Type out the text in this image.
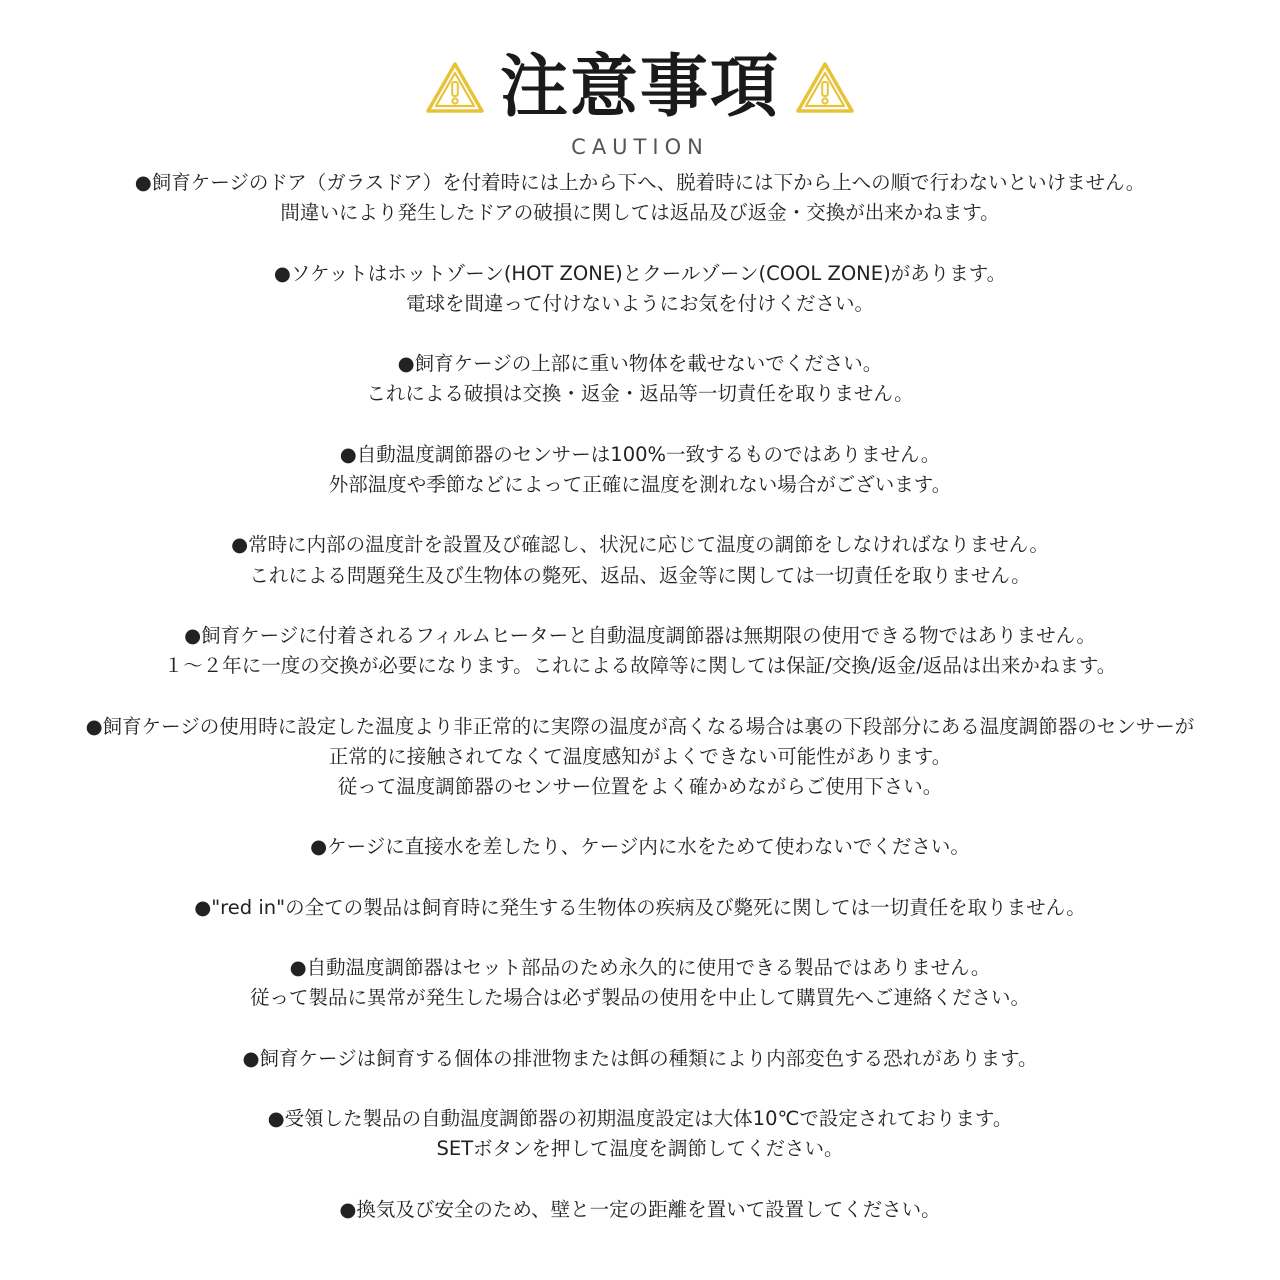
注意事項
CAUTION
●飼育ケージのドア（ガラスドア）を付着時には上から下へ、脱着時には下から上への順で行わないといけません。
間違いにより発生したドアの破損に関しては返品及び返金・交換が出来かねます。
●ソケットはホットゾーン(HOT ZONE)とクールゾーン(COOL ZONE)があります。
電球を間違って付けないようにお気を付けください。
●飼育ケージの上部に重い物体を載せないでください。
これによる破損は交換・返金・返品等一切責任を取りません。
●自動温度調節器のセンサーは100%一致するものではありません。
外部温度や季節などによって正確に温度を測れない場合がございます。
●常時に内部の温度計を設置及び確認し、状況に応じて温度の調節をしなければなりません。
これによる問題発生及び生物体の斃死、返品、返金等に関しては一切責任を取りません。
●飼育ケージに付着されるフィルムヒーターと自動温度調節器は無期限の使用できる物ではありません。
１～２年に一度の交換が必要になります。これによる故障等に関しては保証/交換/返金/返品は出来かねます。
●飼育ケージの使用時に設定した温度より非正常的に実際の温度が高くなる場合は裏の下段部分にある温度調節器のセンサーが
正常的に接触されてなくて温度感知がよくできない可能性があります。
従って温度調節器のセンサー位置をよく確かめながらご使用下さい。
●ケージに直接水を差したり、ケージ内に水をためて使わないでください。
●"red in"の全ての製品は飼育時に発生する生物体の疾病及び斃死に関しては一切責任を取りません。
●自動温度調節器はセット部品のため永久的に使用できる製品ではありません。
従って製品に異常が発生した場合は必ず製品の使用を中止して購買先へご連絡ください。
●飼育ケージは飼育する個体の排泄物または餌の種類により内部変色する恐れがあります。
●受領した製品の自動温度調節器の初期温度設定は大体10℃で設定されております。
SETボタンを押して温度を調節してください。
●換気及び安全のため、壁と一定の距離を置いて設置してください。
